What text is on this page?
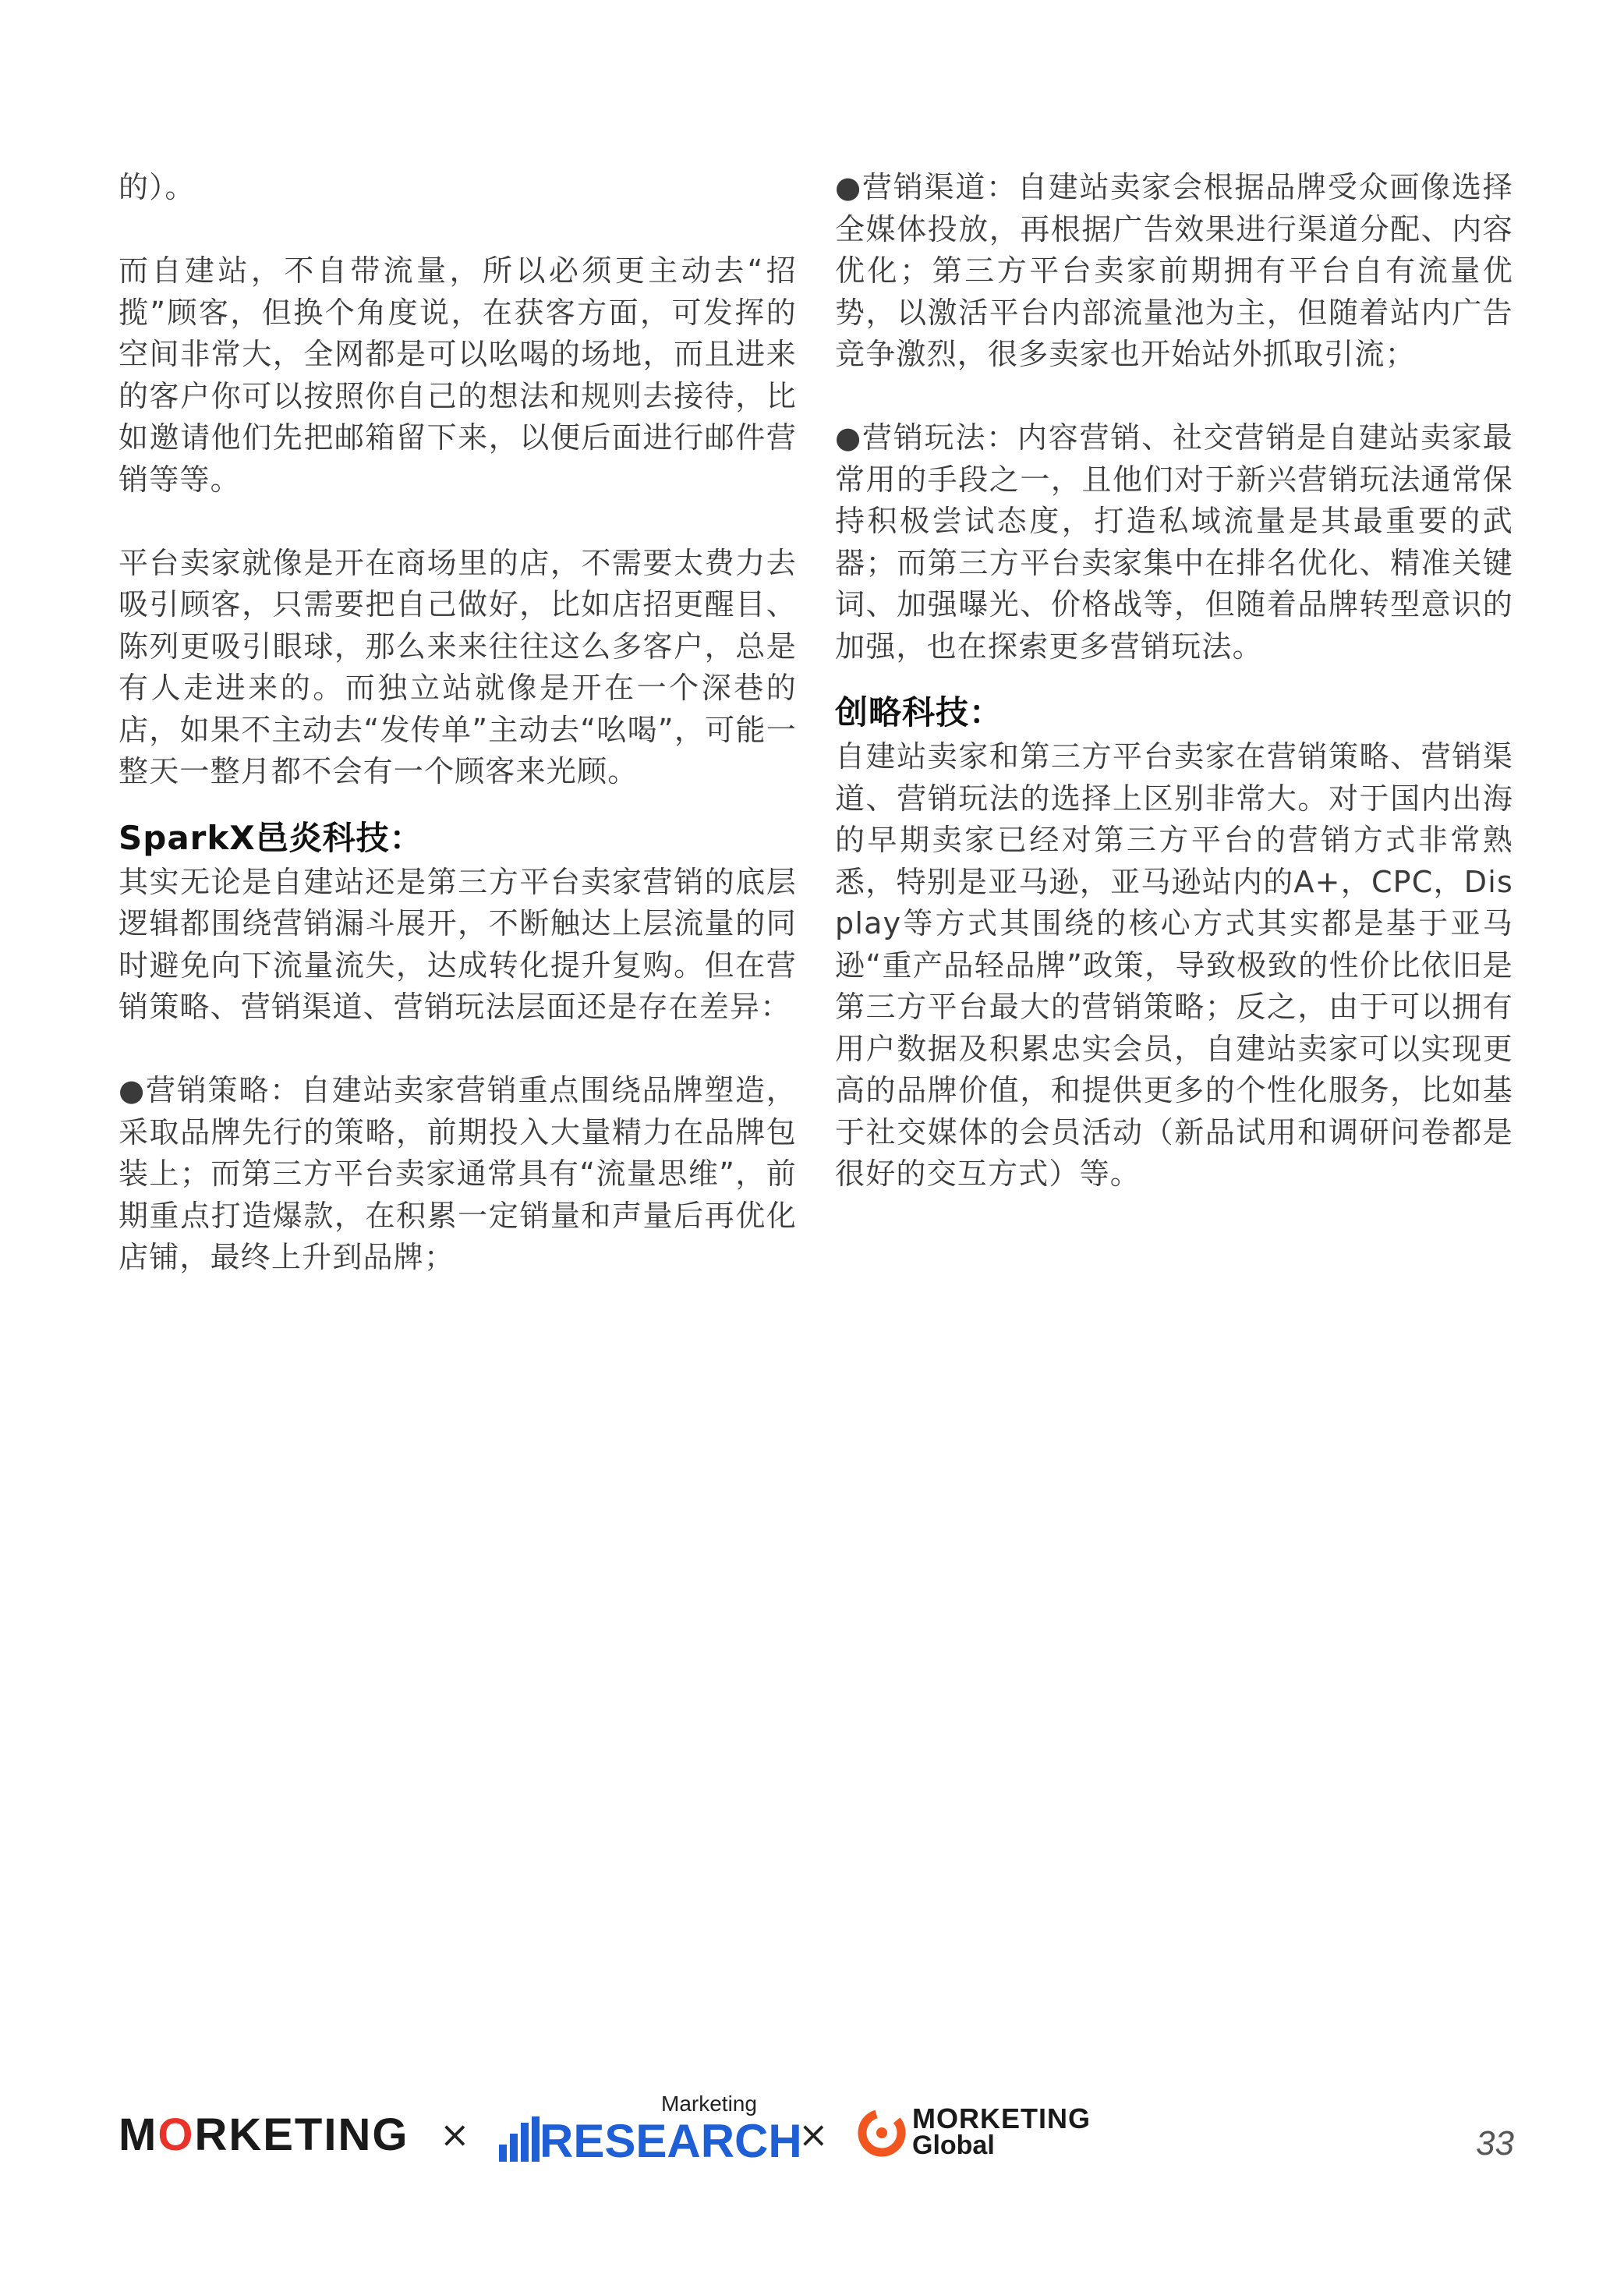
的）。

而自建站，不自带流量，所以必须更主动去“招揽”顾客，但换个角度说，在获客方面，可发挥的空间非常大，全网都是可以吆喝的场地，而且进来的客户你可以按照你自己的想法和规则去接待，比如邀请他们先把邮箱留下来，以便后面进行邮件营销等等。

平台卖家就像是开在商场里的店，不需要太费力去吸引顾客，只需要把自己做好，比如店招更醒目、陈列更吸引眼球，那么来来往往这么多客户，总是有人走进来的。而独立站就像是开在一个深巷的店，如果不主动去“发传单”主动去“吆喝”，可能一整天一整月都不会有一个顾客来光顾。

SparkX邑炎科技：

其实无论是自建站还是第三方平台卖家营销的底层逻辑都围绕营销漏斗展开，不断触达上层流量的同时避免向下流量流失，达成转化提升复购。但在营销策略、营销渠道、营销玩法层面还是存在差异：

●营销策略：自建站卖家营销重点围绕品牌塑造，采取品牌先行的策略，前期投入大量精力在品牌包装上；而第三方平台卖家通常具有“流量思维”，前期重点打造爆款，在积累一定销量和声量后再优化店铺，最终上升到品牌；

●营销渠道：自建站卖家会根据品牌受众画像选择全媒体投放，再根据广告效果进行渠道分配、内容优化；第三方平台卖家前期拥有平台自有流量优势，以激活平台内部流量池为主，但随着站内广告竞争激烈，很多卖家也开始站外抓取引流；

●营销玩法：内容营销、社交营销是自建站卖家最常用的手段之一，且他们对于新兴营销玩法通常保持积极尝试态度，打造私域流量是其最重要的武器；而第三方平台卖家集中在排名优化、精准关键词、加强曝光、价格战等，但随着品牌转型意识的加强，也在探索更多营销玩法。

创略科技：

自建站卖家和第三方平台卖家在营销策略、营销渠道、营销玩法的选择上区别非常大。对于国内出海的早期卖家已经对第三方平台的营销方式非常熟悉，特别是亚马逊，亚马逊站内的A+，CPC，Display等方式其围绕的核心方式其实都是基于亚马逊“重产品轻品牌”政策，导致极致的性价比依旧是第三方平台最大的营销策略；反之，由于可以拥有用户数据及积累忠实会员，自建站卖家可以实现更高的品牌价值，和提供更多的个性化服务，比如基于社交媒体的会员活动（新品试用和调研问卷都是很好的交互方式）等。

MORKETING ×
Marketing
RESEARCH
×	MORKETING
Global	33
